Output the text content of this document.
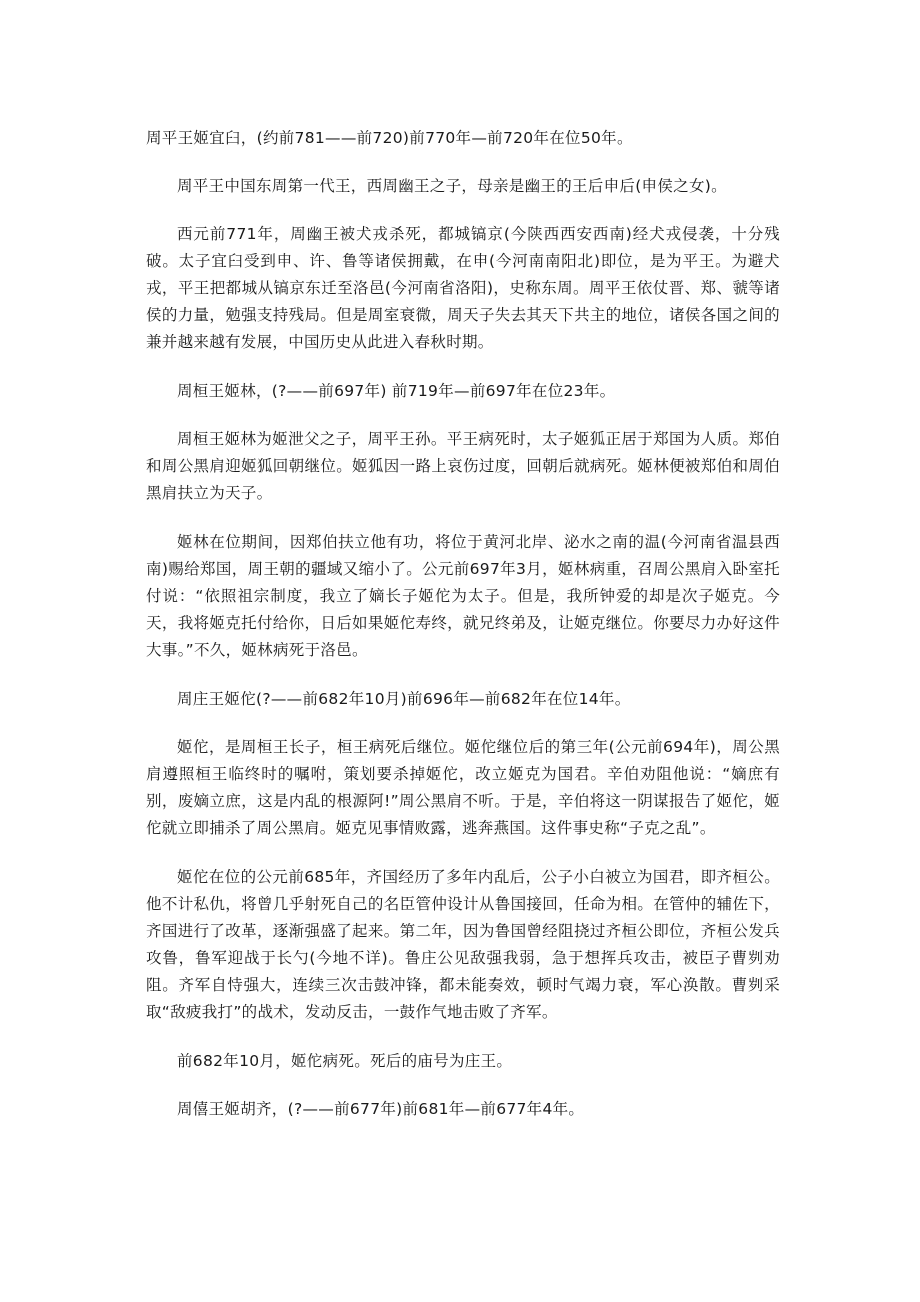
周平王姬宜臼，(约前781——前720)前770年—前720年在位50年。

周平王中国东周第一代王，西周幽王之子，母亲是幽王的王后申后(申侯之女)。

西元前771年，周幽王被犬戎杀死，都城镐京(今陕西西安西南)经犬戎侵袭，十分残破。太子宜臼受到申、许、鲁等诸侯拥戴，在申(今河南南阳北)即位，是为平王。为避犬戎，平王把都城从镐京东迁至洛邑(今河南省洛阳)，史称东周。周平王依仗晋、郑、虢等诸侯的力量，勉强支持残局。但是周室衰微，周天子失去其天下共主的地位，诸侯各国之间的兼并越来越有发展，中国历史从此进入春秋时期。

周桓王姬林，(?——前697年) 前719年—前697年在位23年。

周桓王姬林为姬泄父之子，周平王孙。平王病死时，太子姬狐正居于郑国为人质。郑伯和周公黑肩迎姬狐回朝继位。姬狐因一路上哀伤过度，回朝后就病死。姬林便被郑伯和周伯黑肩扶立为天子。

姬林在位期间，因郑伯扶立他有功，将位于黄河北岸、泌水之南的温(今河南省温县西南)赐给郑国，周王朝的疆域又缩小了。公元前697年3月，姬林病重，召周公黑肩入卧室托付说：“依照祖宗制度，我立了嫡长子姬佗为太子。但是，我所钟爱的却是次子姬克。今天，我将姬克托付给你，日后如果姬佗寿终，就兄终弟及，让姬克继位。你要尽力办好这件大事。”不久，姬林病死于洛邑。

周庄王姬佗(?——前682年10月)前696年—前682年在位14年。

姬佗，是周桓王长子，桓王病死后继位。姬佗继位后的第三年(公元前694年)，周公黑肩遵照桓王临终时的嘱咐，策划要杀掉姬佗，改立姬克为国君。辛伯劝阻他说：“嫡庶有别，废嫡立庶，这是内乱的根源阿!”周公黑肩不听。于是，辛伯将这一阴谋报告了姬佗，姬佗就立即捕杀了周公黑肩。姬克见事情败露，逃奔燕国。这件事史称“子克之乱”。

姬佗在位的公元前685年，齐国经历了多年内乱后，公子小白被立为国君，即齐桓公。他不计私仇，将曾几乎射死自己的名臣管仲设计从鲁国接回，任命为相。在管仲的辅佐下，齐国进行了改革，逐渐强盛了起来。第二年，因为鲁国曾经阻挠过齐桓公即位，齐桓公发兵攻鲁，鲁军迎战于长勺(今地不详)。鲁庄公见敌强我弱，急于想挥兵攻击，被臣子曹刿劝阻。齐军自恃强大，连续三次击鼓冲锋，都未能奏效，顿时气竭力衰，军心涣散。曹刿采取“敌疲我打”的战术，发动反击，一鼓作气地击败了齐军。

前682年10月，姬佗病死。死后的庙号为庄王。

周僖王姬胡齐，(?——前677年)前681年—前677年4年。
